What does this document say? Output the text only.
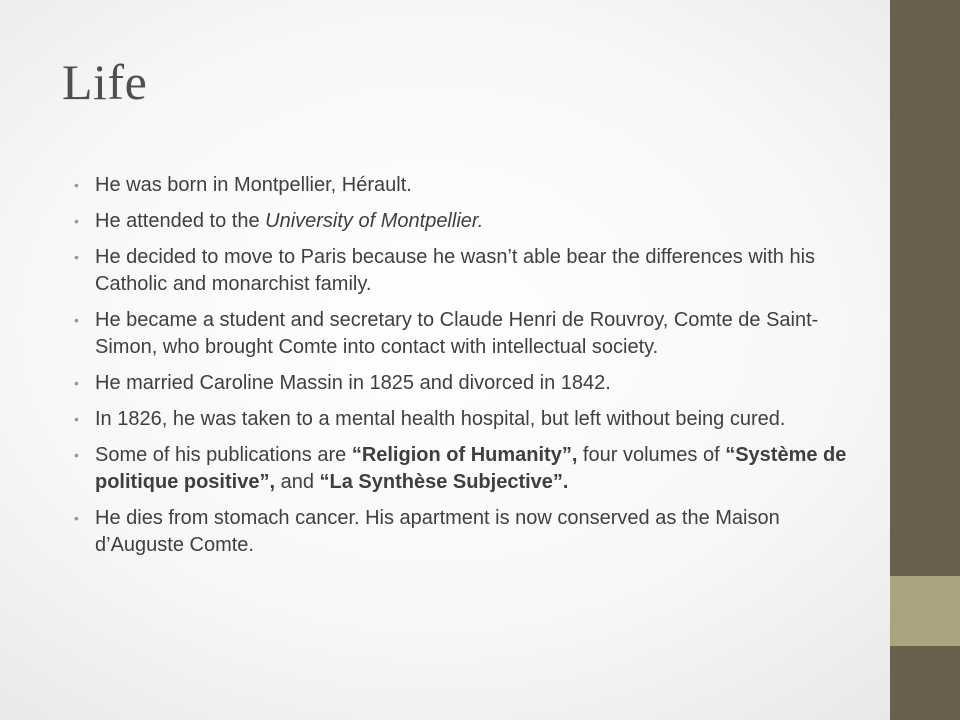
Life
• He was born in Montpellier, Hérault.
• He attended to the University of Montpellier.
• He decided to move to Paris because he wasn’t able bear the differences with his Catholic and monarchist family.
• He became a student and secretary to Claude Henri de Rouvroy, Comte de Saint-Simon, who brought Comte into contact with intellectual society.
• He married Caroline Massin in 1825 and divorced in 1842.
• In 1826, he was taken to a mental health hospital, but left without being cured.
• Some of his publications are “Religion of Humanity”, four volumes of “Système de politique positive”, and “La Synthèse Subjective”.
• He dies from stomach cancer. His apartment is now conserved as the Maison d’Auguste Comte.
